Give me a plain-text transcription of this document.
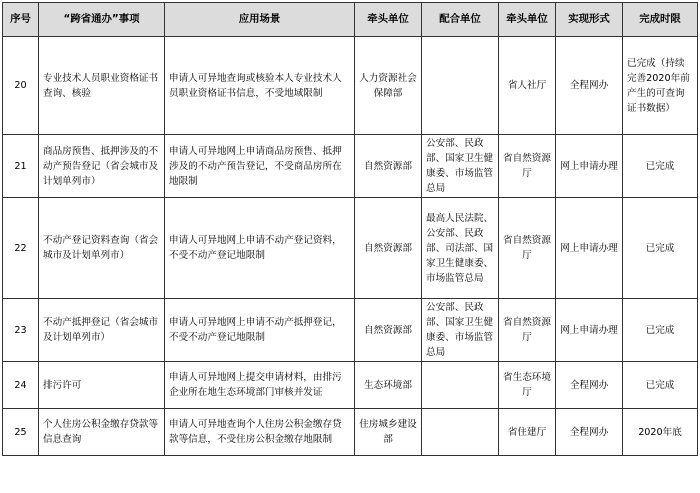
序号	“跨省通办”事项	应用场景	牵头单位	配合单位	牵头单位	实现形式	完成时限
20	专业技术人员职业资格证书查询、核验	申请人可异地查询或核验本人专业技术人员职业资格证书信息，不受地域限制	人力资源社会保障部		省人社厅	全程网办	已完成（持续完善2020年前产生的可查询证书数据）
21	商品房预售、抵押涉及的不动产预告登记（省会城市及计划单列市）	申请人可异地网上申请商品房预售、抵押涉及的不动产预告登记，不受商品房所在地限制	自然资源部	公安部、民政部、国家卫生健康委、市场监管总局	省自然资源厅	网上申请办理	已完成
22	不动产登记资料查询（省会城市及计划单列市）	申请人可异地网上申请不动产登记资料，不受不动产登记地限制	自然资源部	最高人民法院、公安部、民政部、司法部、国家卫生健康委、市场监管总局	省自然资源厅	网上申请办理	已完成
23	不动产抵押登记（省会城市及计划单列市）	申请人可异地网上申请不动产抵押登记，不受不动产登记地限制	自然资源部	公安部、民政部、国家卫生健康委、市场监管总局	省自然资源厅	网上申请办理	已完成
24	排污许可	申请人可异地网上提交申请材料，由排污企业所在地生态环境部门审核并发证	生态环境部		省生态环境厅	全程网办	已完成
25	个人住房公积金缴存贷款等信息查询	申请人可异地查询个人住房公积金缴存贷款等信息，不受住房公积金缴存地限制	住房城乡建设部		省住建厅	全程网办	2020年底
